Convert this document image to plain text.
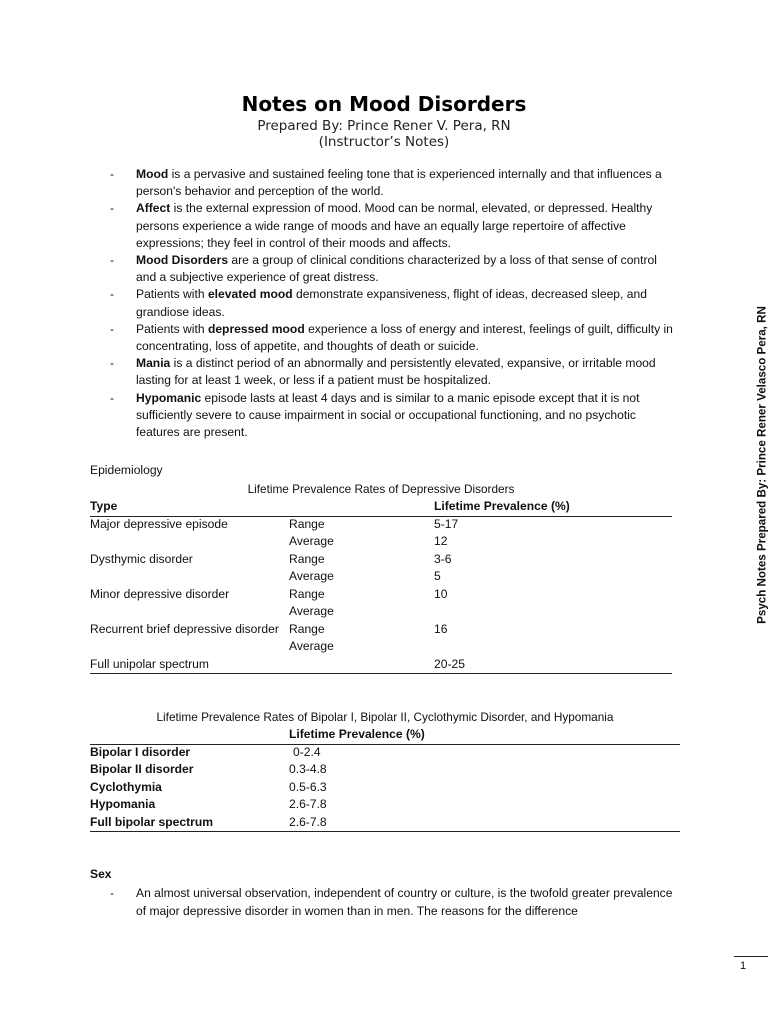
Notes on Mood Disorders
Prepared By: Prince Rener V. Pera, RN
(Instructor’s Notes)
- Mood is a pervasive and sustained feeling tone that is experienced internally and that influences a person's behavior and perception of the world.
- Affect is the external expression of mood. Mood can be normal, elevated, or depressed. Healthy persons experience a wide range of moods and have an equally large repertoire of affective expressions; they feel in control of their moods and affects.
- Mood Disorders are a group of clinical conditions characterized by a loss of that sense of control and a subjective experience of great distress.
- Patients with elevated mood demonstrate expansiveness, flight of ideas, decreased sleep, and grandiose ideas.
- Patients with depressed mood experience a loss of energy and interest, feelings of guilt, difficulty in concentrating, loss of appetite, and thoughts of death or suicide.
- Mania is a distinct period of an abnormally and persistently elevated, expansive, or irritable mood lasting for at least 1 week, or less if a patient must be hospitalized.
- Hypomanic episode lasts at least 4 days and is similar to a manic episode except that it is not sufficiently severe to cause impairment in social or occupational functioning, and no psychotic features are present.
Epidemiology
Lifetime Prevalence Rates of Depressive Disorders
Type	Lifetime Prevalence (%)
Major depressive episode	Range	5-17
Average	12
Dysthymic disorder	Range	3-6
Average	5
Minor depressive disorder	Range	10
Average
Recurrent brief depressive disorder Range	16
Average
Full unipolar spectrum	20-25
Lifetime Prevalence Rates of Bipolar I, Bipolar II, Cyclothymic Disorder, and Hypomania
Lifetime Prevalence (%)
Bipolar I disorder	0-2.4
Bipolar II disorder	0.3-4.8
Cyclothymia	0.5-6.3
Hypomania	2.6-7.8
Full bipolar spectrum	2.6-7.8
Sex
- An almost universal observation, independent of country or culture, is the twofold greater prevalence of major depressive disorder in women than in men. The reasons for the difference
Psych Notes Prepared By: Prince Rener Velasco Pera, RN
1
